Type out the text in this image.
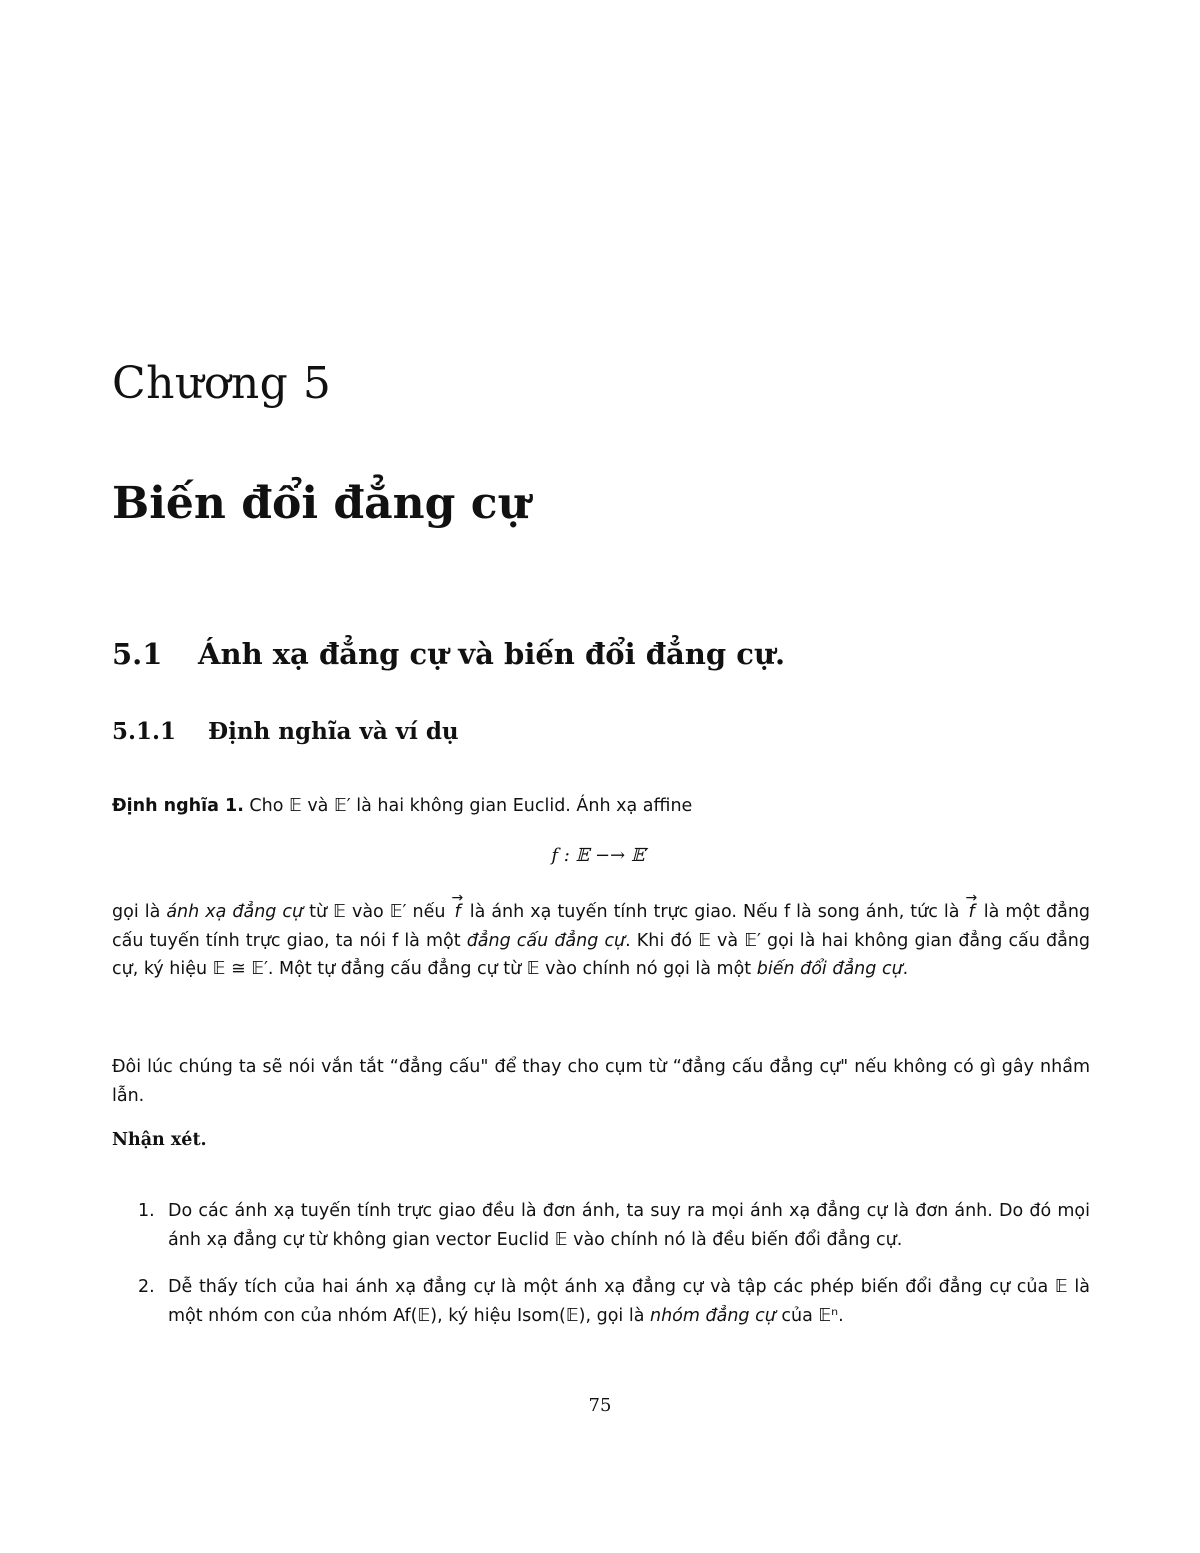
Chương 5
Biến đổi đẳng cự
5.1 Ánh xạ đẳng cự và biến đổi đẳng cự.
5.1.1 Định nghĩa và ví dụ

Định nghĩa 1. Cho 𝔼 và 𝔼′ là hai không gian Euclid. Ánh xạ affine

f : 𝔼 −→ 𝔼′

gọi là ánh xạ đẳng cự từ 𝔼 vào 𝔼′ nếu → f là ánh xạ tuyến tính trực giao. Nếu f là song ánh, tức là → f là một đẳng cấu tuyến tính trực giao, ta nói f là một đẳng cấu đẳng cự. Khi đó 𝔼 và 𝔼′ gọi là hai không gian đẳng cấu đẳng cự, ký hiệu 𝔼 ≅ 𝔼′. Một tự đẳng cấu đẳng cự từ 𝔼 vào chính nó gọi là một biến đổi đẳng cự.

Đôi lúc chúng ta sẽ nói vắn tắt “đẳng cấu" để thay cho cụm từ “đẳng cấu đẳng cự" nếu không có gì gây nhầm lẫn.

Nhận xét.
1. Do các ánh xạ tuyến tính trực giao đều là đơn ánh, ta suy ra mọi ánh xạ đẳng cự là đơn ánh. Do đó mọi ánh xạ đẳng cự từ không gian vector Euclid 𝔼 vào chính nó là đều biến đổi đẳng cự.
2. Dễ thấy tích của hai ánh xạ đẳng cự là một ánh xạ đẳng cự và tập các phép biến đổi đẳng cự của 𝔼 là một nhóm con của nhóm Af(𝔼), ký hiệu Isom(𝔼), gọi là nhóm đẳng cự của 𝔼ⁿ.
75
